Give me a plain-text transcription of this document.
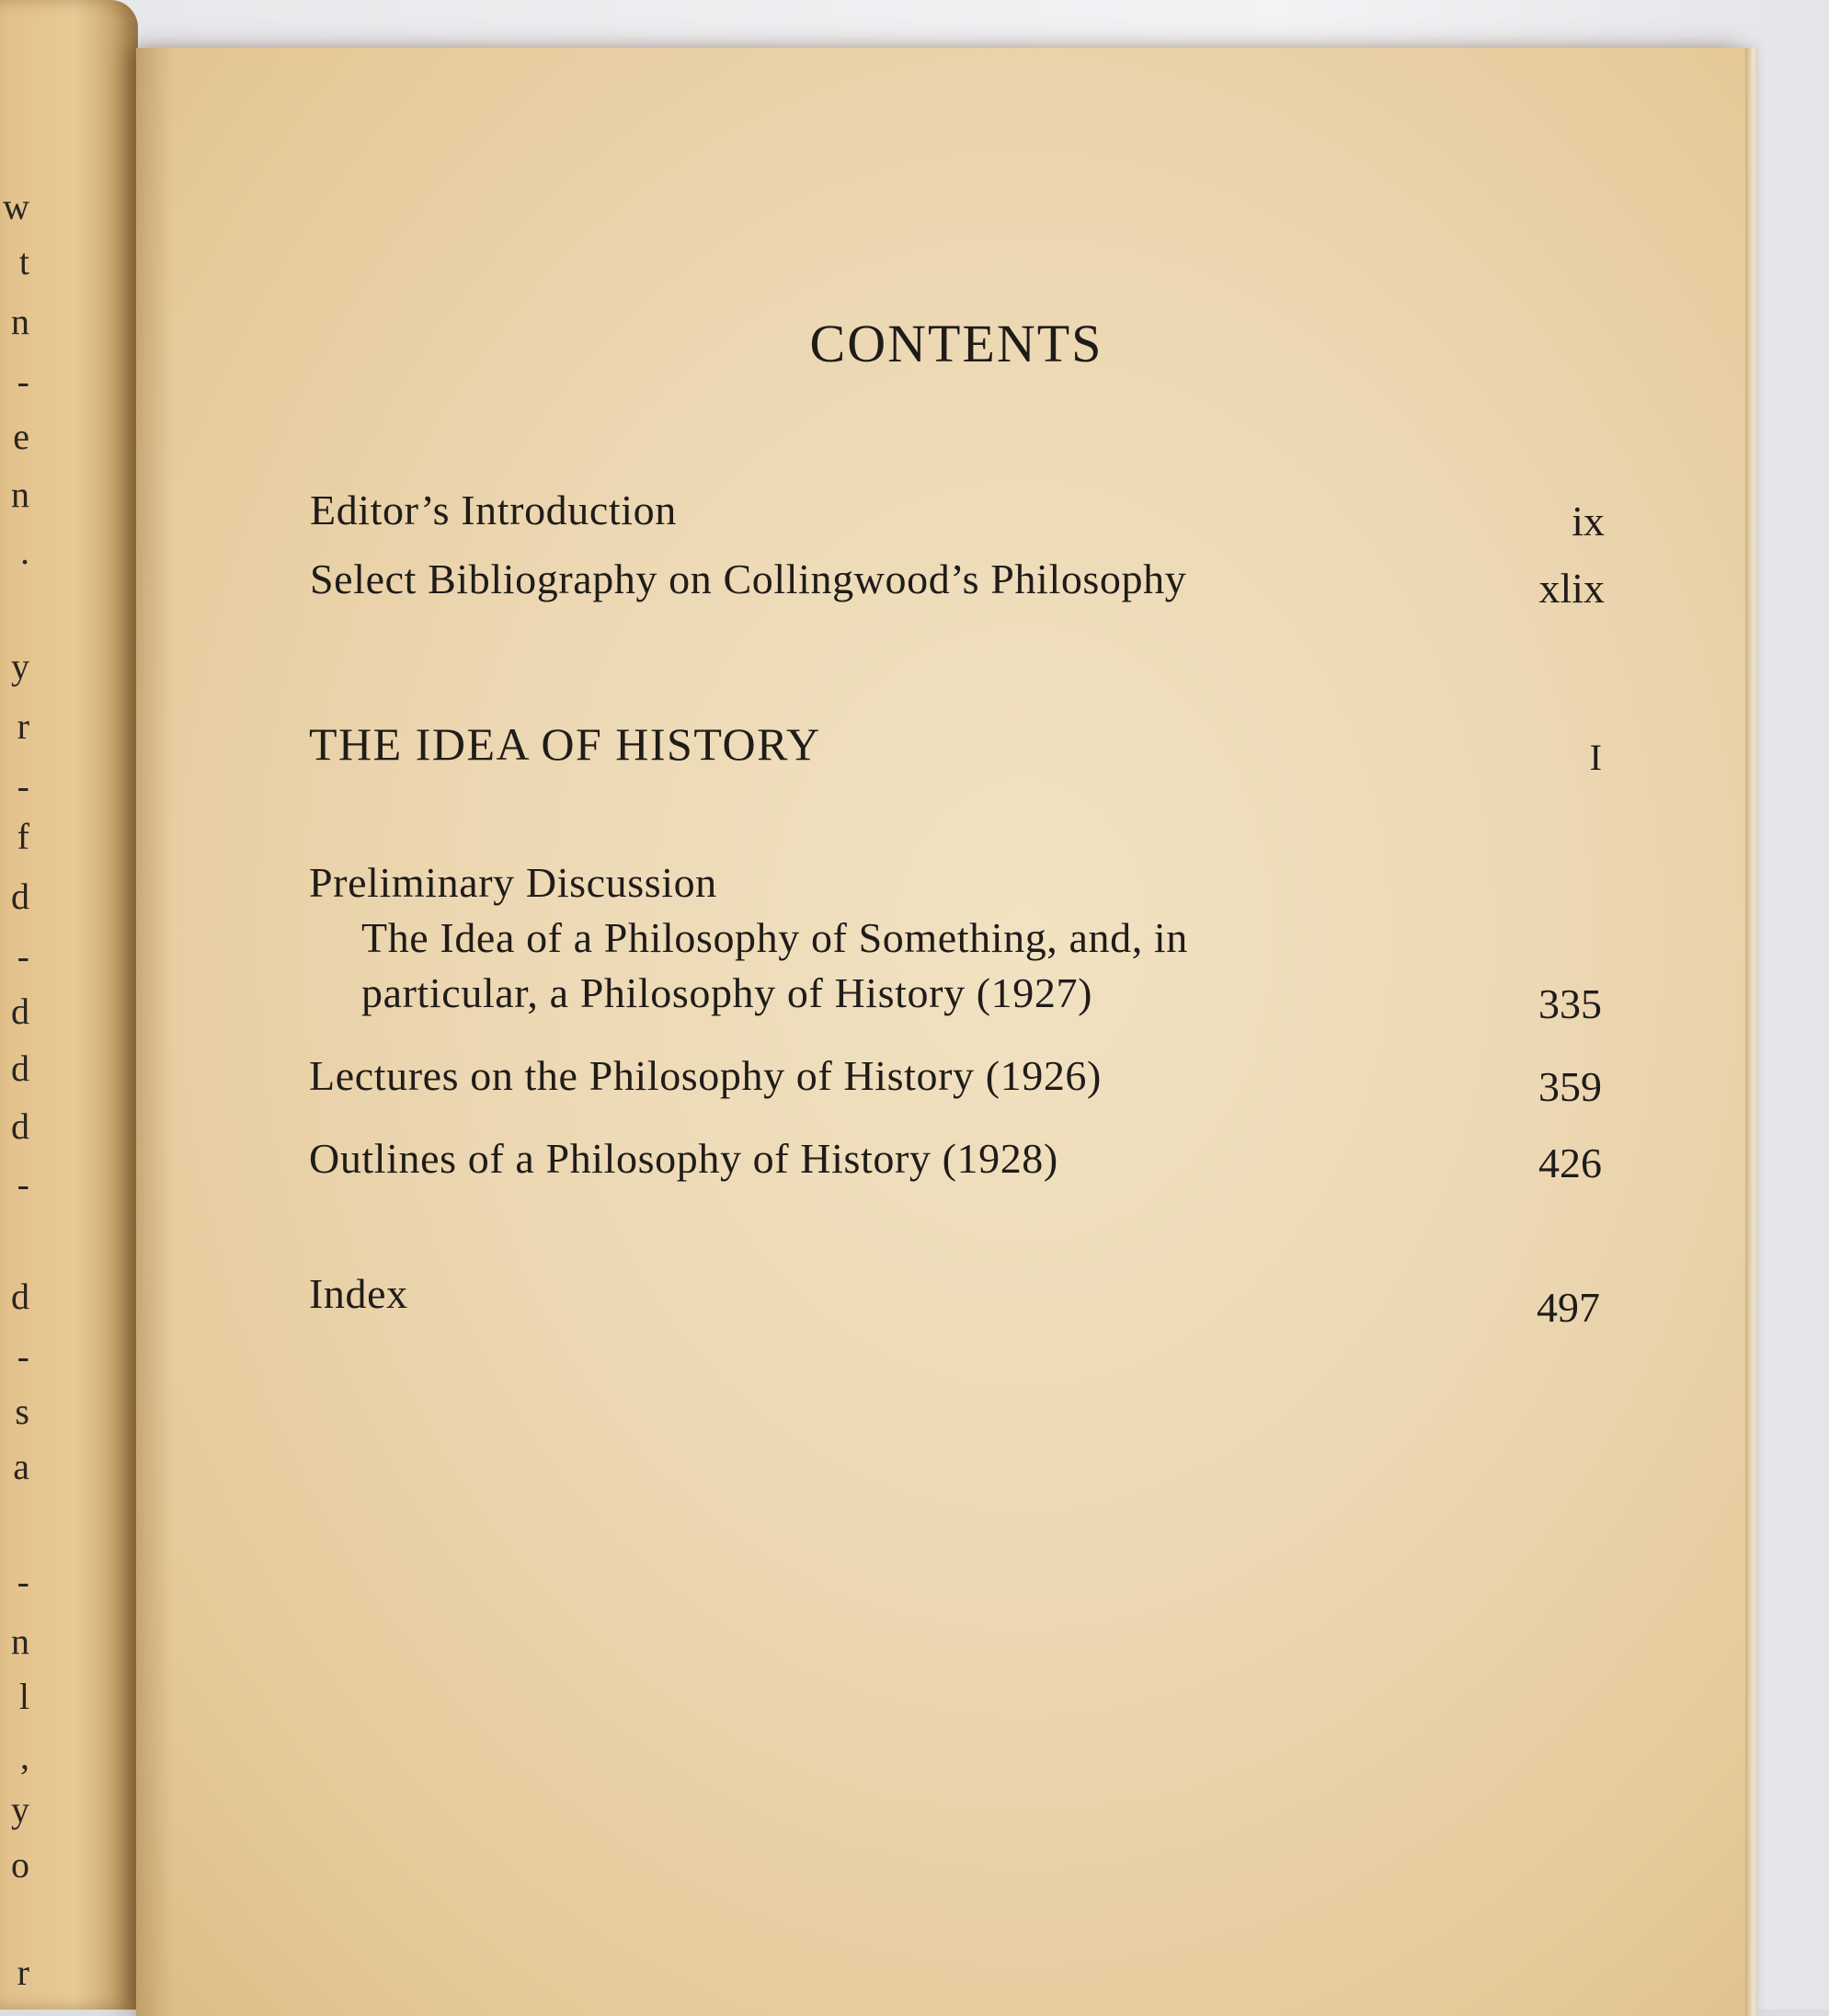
w
t
n
-
e
n
.
y
r
-
f
d
-
d
d
d
-
d
-
s
a
-
n
l
,
y
o
r
CONTENTS
Editor’s Introduction	ix
Select Bibliography on Collingwood’s Philosophy	xlix
THE IDEA OF HISTORY	I
Preliminary Discussion
The Idea of a Philosophy of Something, and, in
particular, a Philosophy of History (1927)	335
Lectures on the Philosophy of History (1926)	359
Outlines of a Philosophy of History (1928)	426
Index	497
